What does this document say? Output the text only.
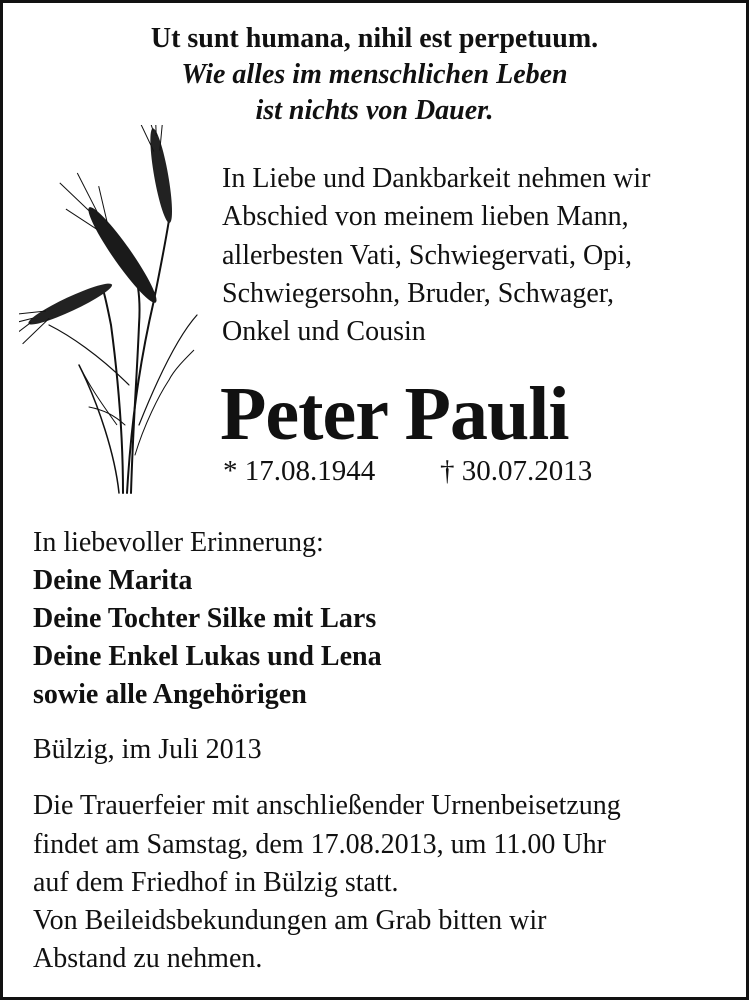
Ut sunt humana, nihil est perpetuum.
Wie alles im menschlichen Leben
ist nichts von Dauer.
In Liebe und Dankbarkeit nehmen wir
Abschied von meinem lieben Mann,
allerbesten Vati, Schwiegervati, Opi,
Schwiegersohn, Bruder, Schwager,
Onkel und Cousin
Peter Pauli
* 17.08.1944 † 30.07.2013
In liebevoller Erinnerung:
Deine Marita
Deine Tochter Silke mit Lars
Deine Enkel Lukas und Lena
sowie alle Angehörigen
Bülzig, im Juli 2013
Die Trauerfeier mit anschließender Urnenbeisetzung
findet am Samstag, dem 17.08.2013, um 11.00 Uhr
auf dem Friedhof in Bülzig statt.
Von Beileidsbekundungen am Grab bitten wir
Abstand zu nehmen.
